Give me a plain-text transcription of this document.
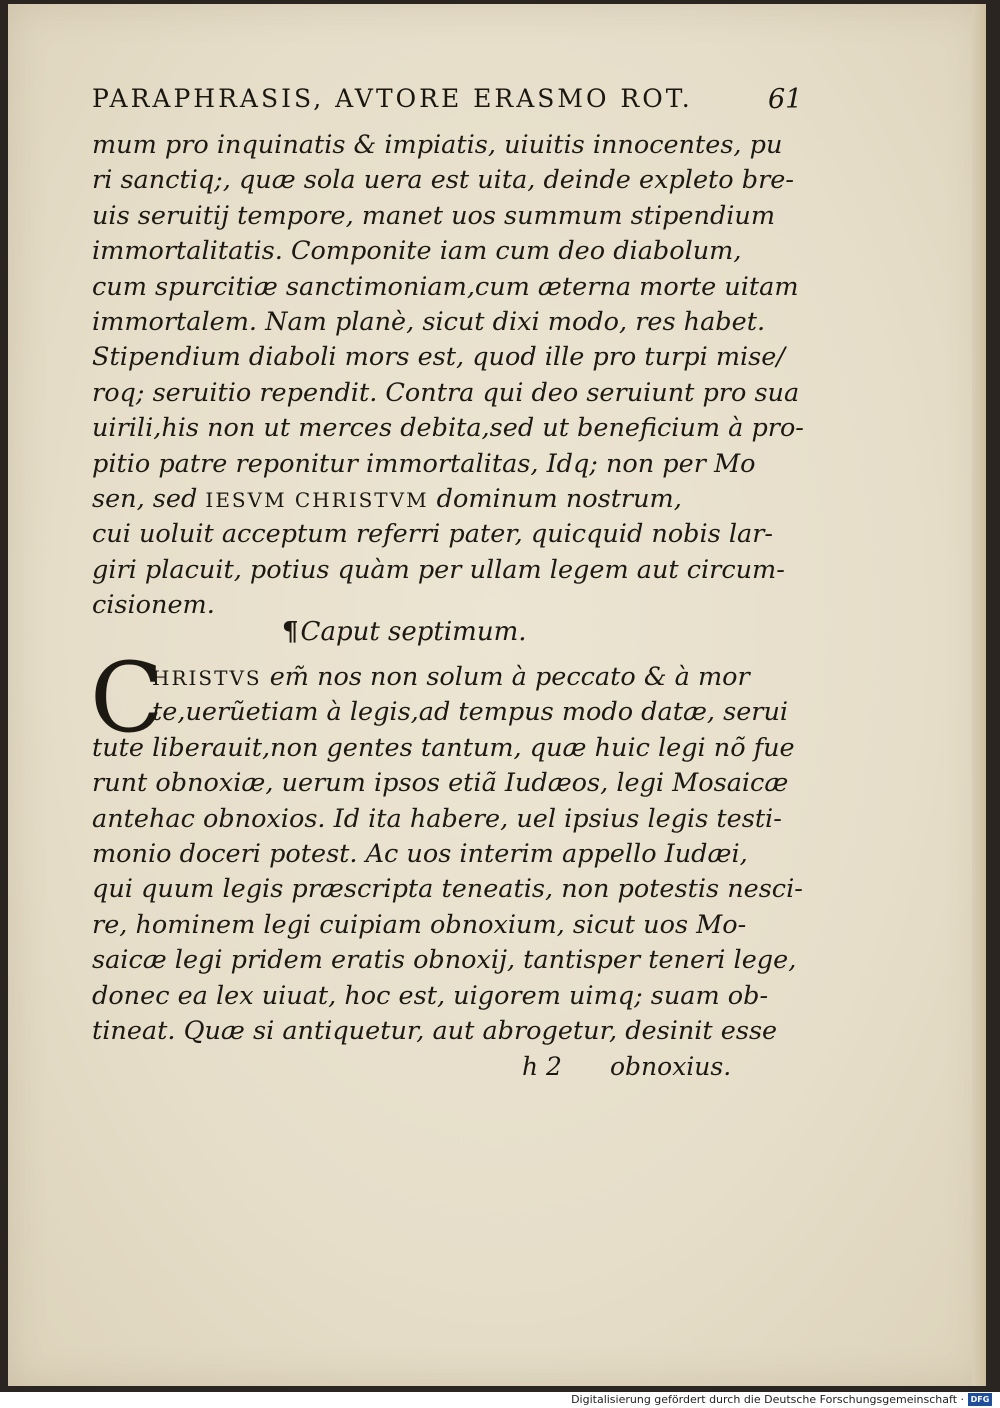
PARAPHRASIS, AVTORE ERASMO ROT.	61
mum pro inquinatis & impiatis, uiuitis innocentes, pu
ri sanctiq;, quæ sola uera est uita, deinde expleto bre-
uis seruitij tempore, manet uos summum stipendium
immortalitatis. Componite iam cum deo diabolum,
cum spurcitiæ sanctimoniam,cum æterna morte uitam
immortalem. Nam planè, sicut dixi modo, res habet.
Stipendium diaboli mors est, quod ille pro turpi mise/
roq; seruitio rependit. Contra qui deo seruiunt pro sua
uirili,his non ut merces debita,sed ut beneficium à pro-
pitio patre reponitur immortalitas, Idq; non per Mo
sen, sed IESVM CHRISTVM dominum nostrum,
cui uoluit acceptum referri pater, quicquid nobis lar-
giri placuit, potius quàm per ullam legem aut circum-
cisionem.
¶Caput septimum.
C
HRISTVS em̃ nos non solum à peccato & à mor
te,uerũetiam à legis,ad tempus modo datæ, serui
tute liberauit,non gentes tantum, quæ huic legi nõ fue
runt obnoxiæ, uerum ipsos etiã Iudæos, legi Mosaicæ
antehac obnoxios. Id ita habere, uel ipsius legis testi-
monio doceri potest. Ac uos interim appello Iudæi,
qui quum legis præscripta teneatis, non potestis nesci-
re, hominem legi cuipiam obnoxium, sicut uos Mo-
saicæ legi pridem eratis obnoxij, tantisper teneri lege,
donec ea lex uiuat, hoc est, uigorem uimq; suam ob-
tineat. Quæ si antiquetur, aut abrogetur, desinit esse
h 2 obnoxius.
Digitalisierung gefördert durch die Deutsche Forschungsgemeinschaft · DFG
